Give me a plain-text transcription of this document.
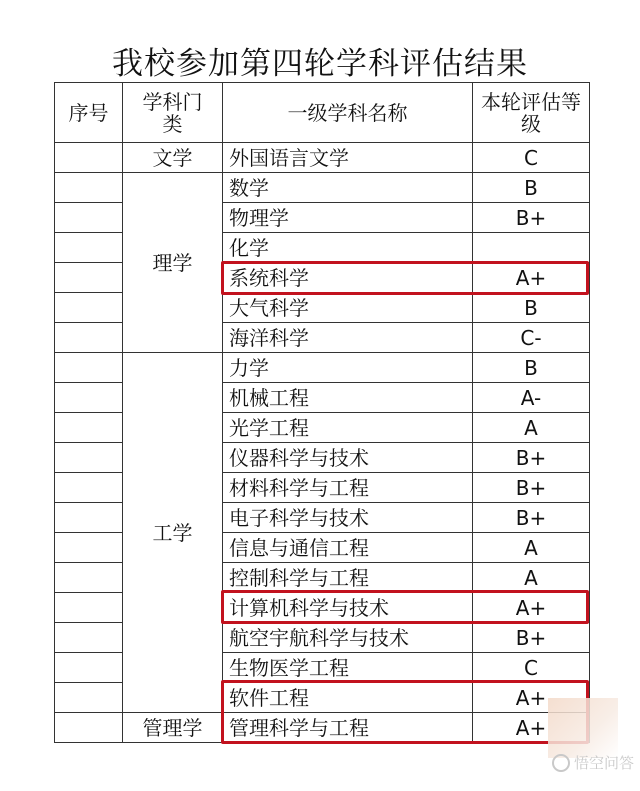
我校参加第四轮学科评估结果
序号	学科门类	一级学科名称	本轮评估等级
	文学	外国语言文学	C
	理学	数学	B
		物理学	B+
		化学	
		系统科学	A+
		大气科学	B
		海洋科学	C-
	工学	力学	B
		机械工程	A-
		光学工程	A
		仪器科学与技术	B+
		材料科学与工程	B+
		电子科学与技术	B+
		信息与通信工程	A
		控制科学与工程	A
		计算机科学与技术	A+
		航空宇航科学与技术	B+
		生物医学工程	C
		软件工程	A+
	管理学	管理科学与工程	A+
悟空问答
